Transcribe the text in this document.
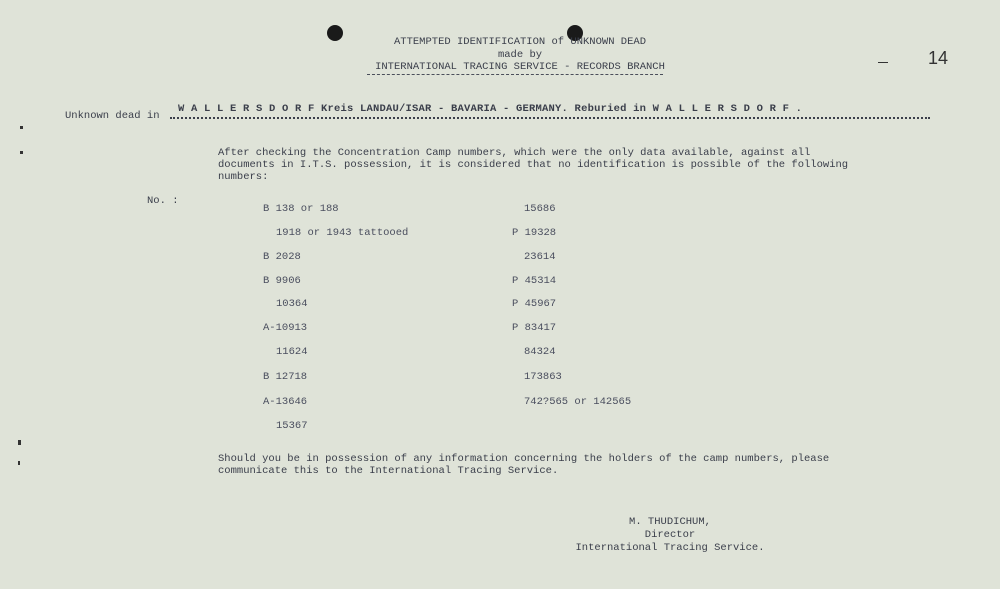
ATTEMPTED IDENTIFICATION of UNKNOWN DEAD
made by
INTERNATIONAL TRACING SERVICE - RECORDS BRANCH	14
Unknown dead in
W A L L E R S D O R F Kreis LANDAU/ISAR - BAVARIA - GERMANY. Reburied in W A L L E R S D O R F .
After checking the Concentration Camp numbers, which were the only data available, against all documents in I.T.S. possession, it is considered that no identification is possible of the following numbers:
No. :
B 138 or 188
1918 or 1943 tattooed
B 2028
B 9906
10364
A-10913
11624
B 12718
A-13646
15367
15686
P 19328
23614
P 45314
P 45967
P 83417
84324
173863
742?565 or 142565
Should you be in possession of any information concerning the holders of the camp numbers, please communicate this to the International Tracing Service.
M. THUDICHUM,
Director
International Tracing Service.
